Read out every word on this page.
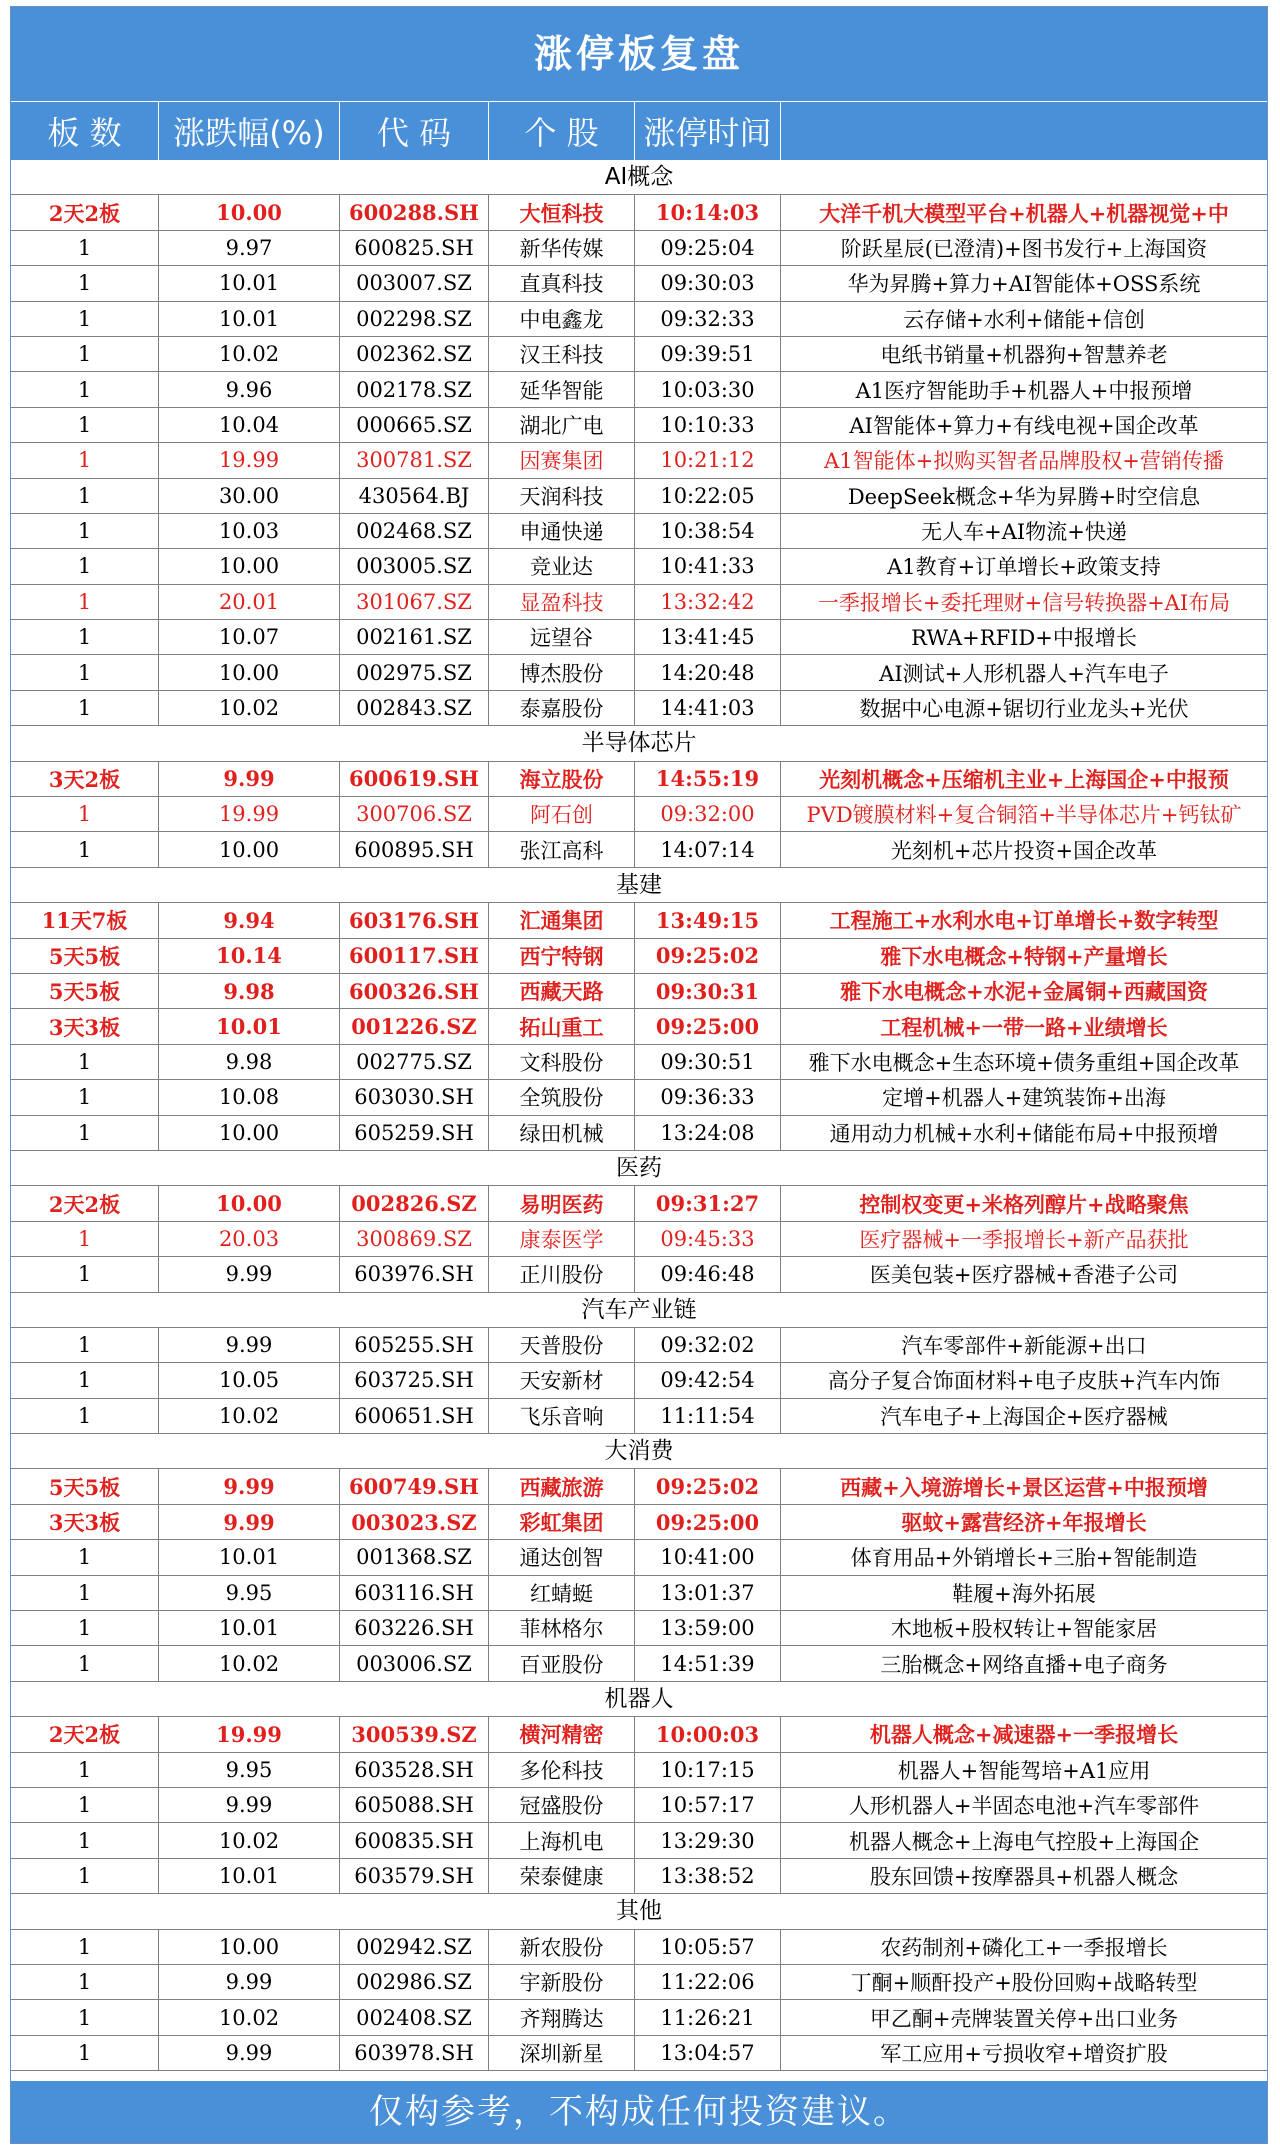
涨停板复盘
板 数	涨跌幅(%)	代 码	个 股	涨停时间
AI概念
2天2板	10.00	600288.SH	大恒科技	10:14:03	大洋千机大模型平台+机器人+机器视觉+中
1	9.97	600825.SH	新华传媒	09:25:04	阶跃星辰(已澄清)+图书发行+上海国资
1	10.01	003007.SZ	直真科技	09:30:03	华为昇腾+算力+AI智能体+OSS系统
1	10.01	002298.SZ	中电鑫龙	09:32:33	云存储+水利+储能+信创
1	10.02	002362.SZ	汉王科技	09:39:51	电纸书销量+机器狗+智慧养老
1	9.96	002178.SZ	延华智能	10:03:30	A1医疗智能助手+机器人+中报预增
1	10.04	000665.SZ	湖北广电	10:10:33	AI智能体+算力+有线电视+国企改革
1	19.99	300781.SZ	因赛集团	10:21:12	A1智能体+拟购买智者品牌股权+营销传播
1	30.00	430564.BJ	天润科技	10:22:05	DeepSeek概念+华为昇腾+时空信息
1	10.03	002468.SZ	申通快递	10:38:54	无人车+AI物流+快递
1	10.00	003005.SZ	竞业达	10:41:33	A1教育+订单增长+政策支持
1	20.01	301067.SZ	显盈科技	13:32:42	一季报增长+委托理财+信号转换器+AI布局
1	10.07	002161.SZ	远望谷	13:41:45	RWA+RFID+中报增长
1	10.00	002975.SZ	博杰股份	14:20:48	AI测试+人形机器人+汽车电子
1	10.02	002843.SZ	泰嘉股份	14:41:03	数据中心电源+锯切行业龙头+光伏
半导体芯片
3天2板	9.99	600619.SH	海立股份	14:55:19	光刻机概念+压缩机主业+上海国企+中报预
1	19.99	300706.SZ	阿石创	09:32:00	PVD镀膜材料+复合铜箔+半导体芯片+钙钛矿
1	10.00	600895.SH	张江高科	14:07:14	光刻机+芯片投资+国企改革
基建
11天7板	9.94	603176.SH	汇通集团	13:49:15	工程施工+水利水电+订单增长+数字转型
5天5板	10.14	600117.SH	西宁特钢	09:25:02	雅下水电概念+特钢+产量增长
5天5板	9.98	600326.SH	西藏天路	09:30:31	雅下水电概念+水泥+金属铜+西藏国资
3天3板	10.01	001226.SZ	拓山重工	09:25:00	工程机械+一带一路+业绩增长
1	9.98	002775.SZ	文科股份	09:30:51	雅下水电概念+生态环境+债务重组+国企改革
1	10.08	603030.SH	全筑股份	09:36:33	定增+机器人+建筑装饰+出海
1	10.00	605259.SH	绿田机械	13:24:08	通用动力机械+水利+储能布局+中报预增
医药
2天2板	10.00	002826.SZ	易明医药	09:31:27	控制权变更+米格列醇片+战略聚焦
1	20.03	300869.SZ	康泰医学	09:45:33	医疗器械+一季报增长+新产品获批
1	9.99	603976.SH	正川股份	09:46:48	医美包装+医疗器械+香港子公司
汽车产业链
1	9.99	605255.SH	天普股份	09:32:02	汽车零部件+新能源+出口
1	10.05	603725.SH	天安新材	09:42:54	高分子复合饰面材料+电子皮肤+汽车内饰
1	10.02	600651.SH	飞乐音响	11:11:54	汽车电子+上海国企+医疗器械
大消费
5天5板	9.99	600749.SH	西藏旅游	09:25:02	西藏+入境游增长+景区运营+中报预增
3天3板	9.99	003023.SZ	彩虹集团	09:25:00	驱蚊+露营经济+年报增长
1	10.01	001368.SZ	通达创智	10:41:00	体育用品+外销增长+三胎+智能制造
1	9.95	603116.SH	红蜻蜓	13:01:37	鞋履+海外拓展
1	10.01	603226.SH	菲林格尔	13:59:00	木地板+股权转让+智能家居
1	10.02	003006.SZ	百亚股份	14:51:39	三胎概念+网络直播+电子商务
机器人
2天2板	19.99	300539.SZ	横河精密	10:00:03	机器人概念+减速器+一季报增长
1	9.95	603528.SH	多伦科技	10:17:15	机器人+智能驾培+A1应用
1	9.99	605088.SH	冠盛股份	10:57:17	人形机器人+半固态电池+汽车零部件
1	10.02	600835.SH	上海机电	13:29:30	机器人概念+上海电气控股+上海国企
1	10.01	603579.SH	荣泰健康	13:38:52	股东回馈+按摩器具+机器人概念
其他
1	10.00	002942.SZ	新农股份	10:05:57	农药制剂+磷化工+一季报增长
1	9.99	002986.SZ	宇新股份	11:22:06	丁酮+顺酐投产+股份回购+战略转型
1	10.02	002408.SZ	齐翔腾达	11:26:21	甲乙酮+壳牌装置关停+出口业务
1	9.99	603978.SH	深圳新星	13:04:57	军工应用+亏损收窄+增资扩股
仅构参考，不构成任何投资建议。
